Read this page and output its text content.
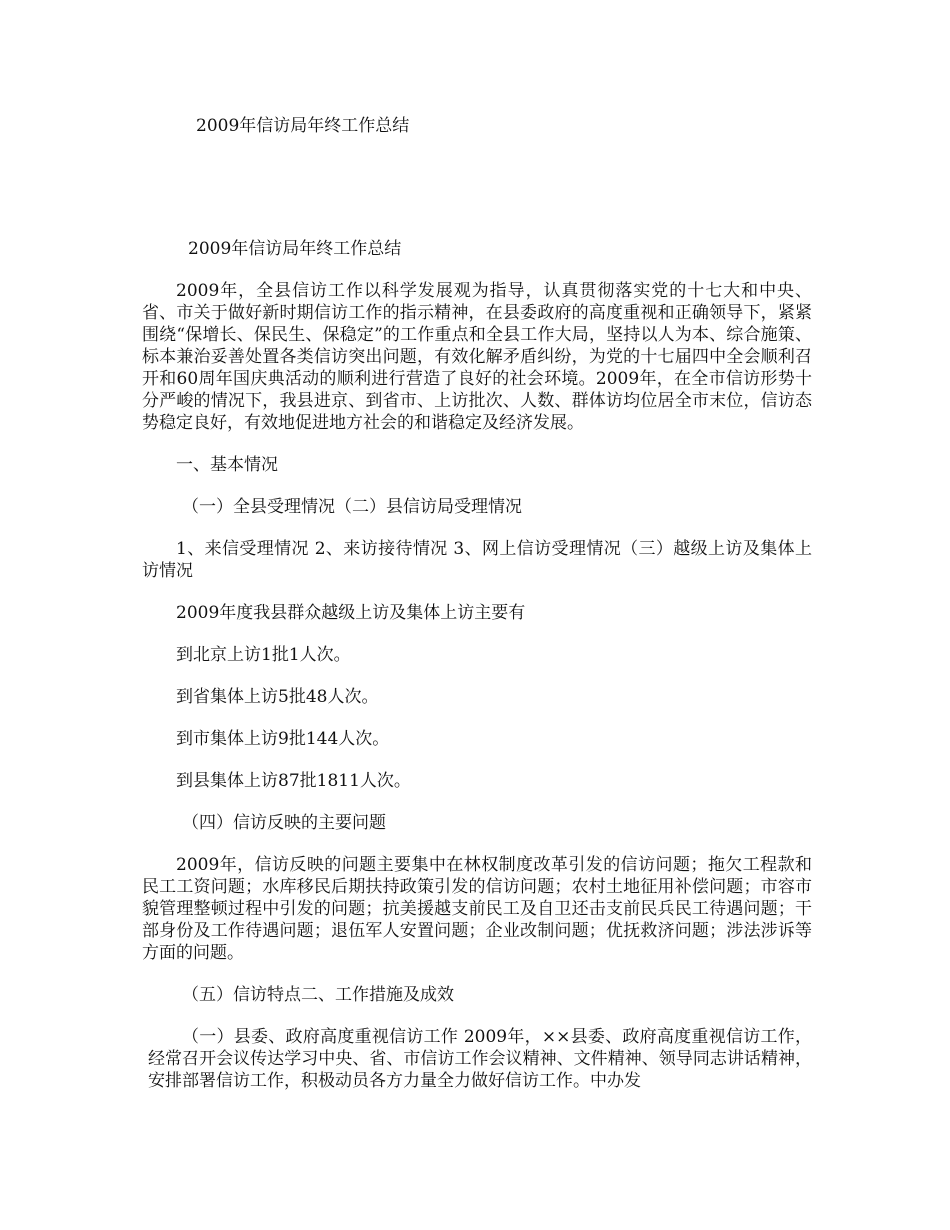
2009年信访局年终工作总结

2009年信访局年终工作总结

2009年，全县信访工作以科学发展观为指导，认真贯彻落实党的十七大和中央、省、市关于做好新时期信访工作的指示精神，在县委政府的高度重视和正确领导下，紧紧围绕“保增长、保民生、保稳定”的工作重点和全县工作大局，坚持以人为本、综合施策、标本兼治妥善处置各类信访突出问题，有效化解矛盾纠纷，为党的十七届四中全会顺利召开和60周年国庆典活动的顺利进行营造了良好的社会环境。2009年，在全市信访形势十分严峻的情况下，我县进京、到省市、上访批次、人数、群体访均位居全市末位，信访态势稳定良好，有效地促进地方社会的和谐稳定及经济发展。

一、基本情况

（一）全县受理情况（二）县信访局受理情况

1、来信受理情况 2、来访接待情况 3、网上信访受理情况（三）越级上访及集体上访情况

2009年度我县群众越级上访及集体上访主要有

到北京上访1批1人次。

到省集体上访5批48人次。

到市集体上访9批144人次。

到县集体上访87批1811人次。

（四）信访反映的主要问题

2009年，信访反映的问题主要集中在林权制度改革引发的信访问题；拖欠工程款和民工工资问题；水库移民后期扶持政策引发的信访问题；农村土地征用补偿问题；市容市貌管理整顿过程中引发的问题；抗美援越支前民工及自卫还击支前民兵民工待遇问题；干部身份及工作待遇问题；退伍军人安置问题；企业改制问题；优抚救济问题；涉法涉诉等方面的问题。

（五）信访特点二、工作措施及成效

（一）县委、政府高度重视信访工作 2009年，××县委、政府高度重视信访工作，经常召开会议传达学习中央、省、市信访工作会议精神、文件精神、领导同志讲话精神，安排部署信访工作，积极动员各方力量全力做好信访工作。中办发
